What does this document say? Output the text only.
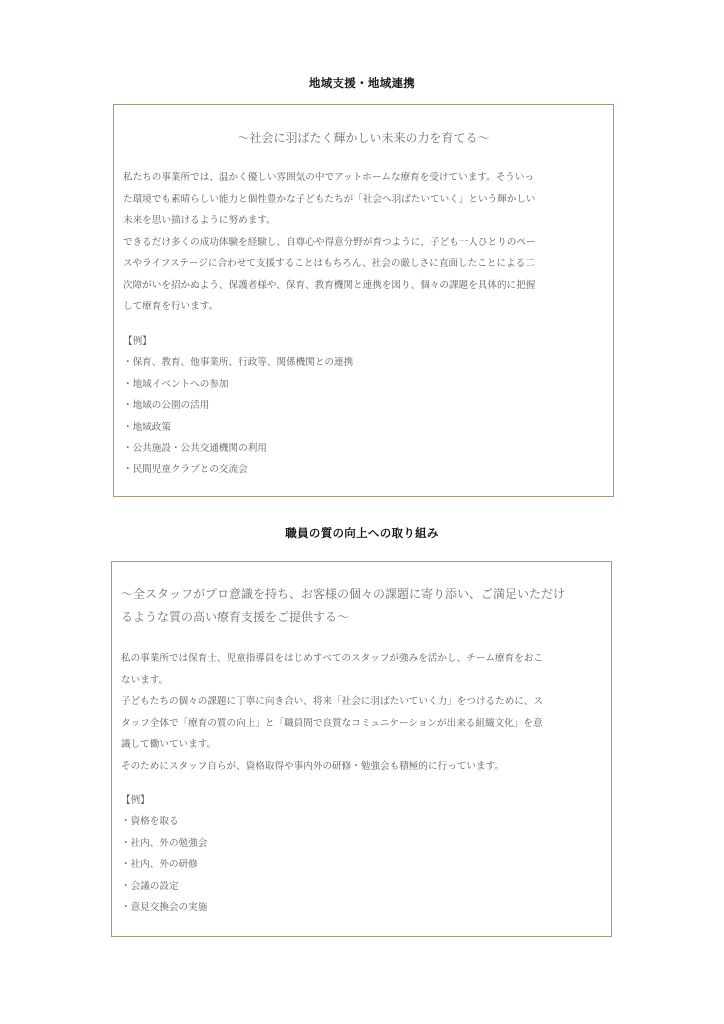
地域支援・地域連携
～社会に羽ばたく輝かしい未来の力を育てる～

私たちの事業所では、温かく優しい雰囲気の中でアットホームな療育を受けています。そういっ

た環境でも素晴らしい能力と個性豊かな子どもたちが「社会へ羽ばたいていく」という輝かしい

未来を思い描けるように努めます。

できるだけ多くの成功体験を経験し、自尊心や得意分野が育つように、子ども一人ひとりのペー

スやライフステージに合わせて支援することはもちろん、社会の厳しさに直面したことによる二

次障がいを招かぬよう、保護者様や、保育、教育機関と連携を図り、個々の課題を具体的に把握

して療育を行います。

【例】
・保育、教育、他事業所、行政等、関係機関との連携
・地域イベントへの参加
・地域の公園の活用
・地域政策
・公共施設・公共交通機関の利用
・民間児童クラブとの交流会
職員の質の向上への取り組み
～全スタッフがプロ意識を持ち、お客様の個々の課題に寄り添い、ご満足いただけ
るような質の高い療育支援をご提供する～

私の事業所では保育士、児童指導員をはじめすべてのスタッフが強みを活かし、チーム療育をおこ

ないます。

子どもたちの個々の課題に丁寧に向き合い、将来「社会に羽ばたいていく力」をつけるために、ス

タッフ全体で「療育の質の向上」と「職員間で良質なコミュニケーションが出来る組織文化」を意

識して働いています。

そのためにスタッフ自らが、資格取得や事内外の研修・勉強会も積極的に行っています。

【例】
・資格を取る
・社内、外の勉強会
・社内、外の研修
・会議の設定
・意見交換会の実施
